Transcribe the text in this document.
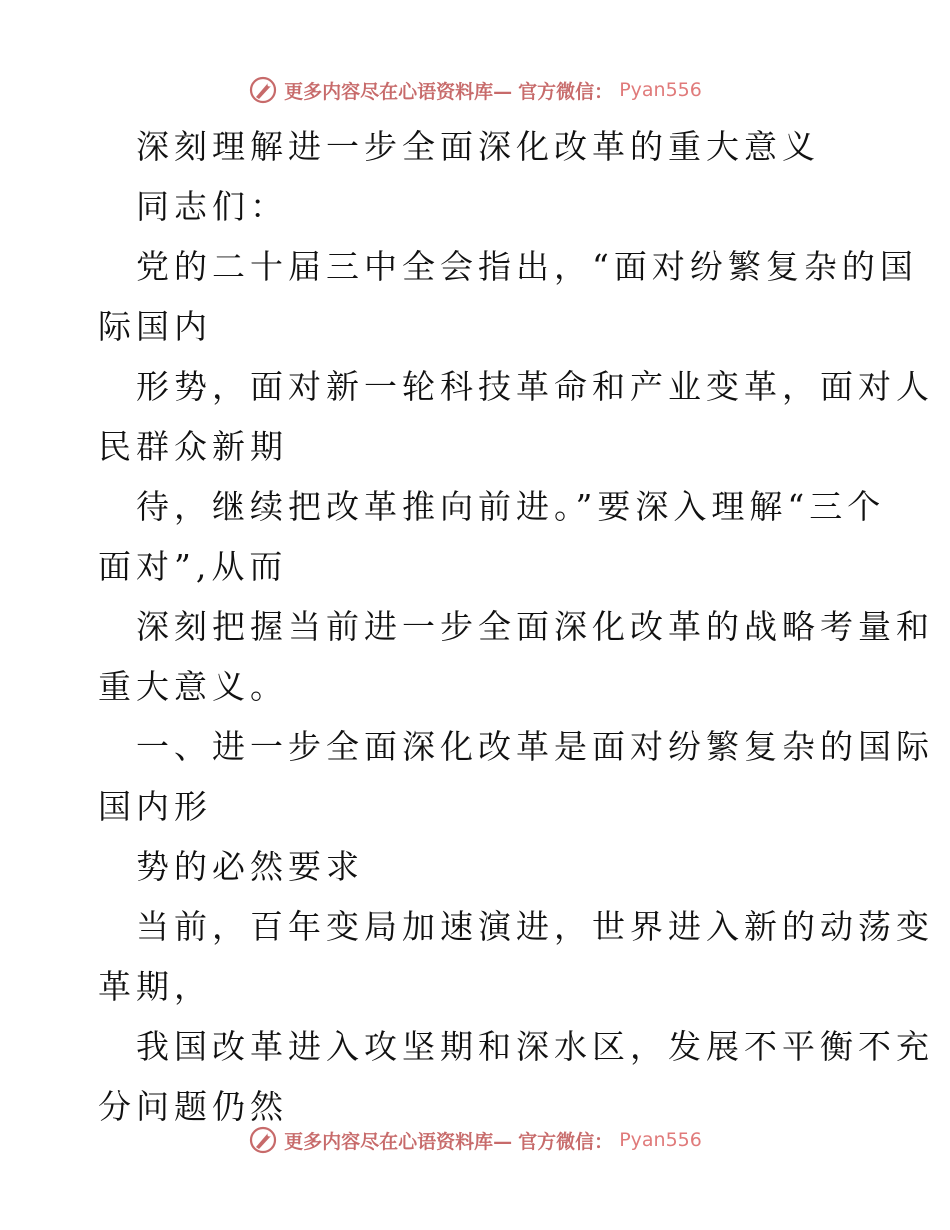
更多内容尽在心语资料库— 官方微信： Pyan556
深刻理解进一步全面深化改革的重大意义
同志们：
党的二十届三中全会指出，“面对纷繁复杂的国
际国内
形势，面对新一轮科技革命和产业变革，面对人
民群众新期
待，继续把改革推向前进。”要深入理解“三个
面对”,从而
深刻把握当前进一步全面深化改革的战略考量和
重大意义。
一、进一步全面深化改革是面对纷繁复杂的国际
国内形
势的必然要求
当前，百年变局加速演进，世界进入新的动荡变
革期，
我国改革进入攻坚期和深水区，发展不平衡不充
分问题仍然
更多内容尽在心语资料库— 官方微信： Pyan556
